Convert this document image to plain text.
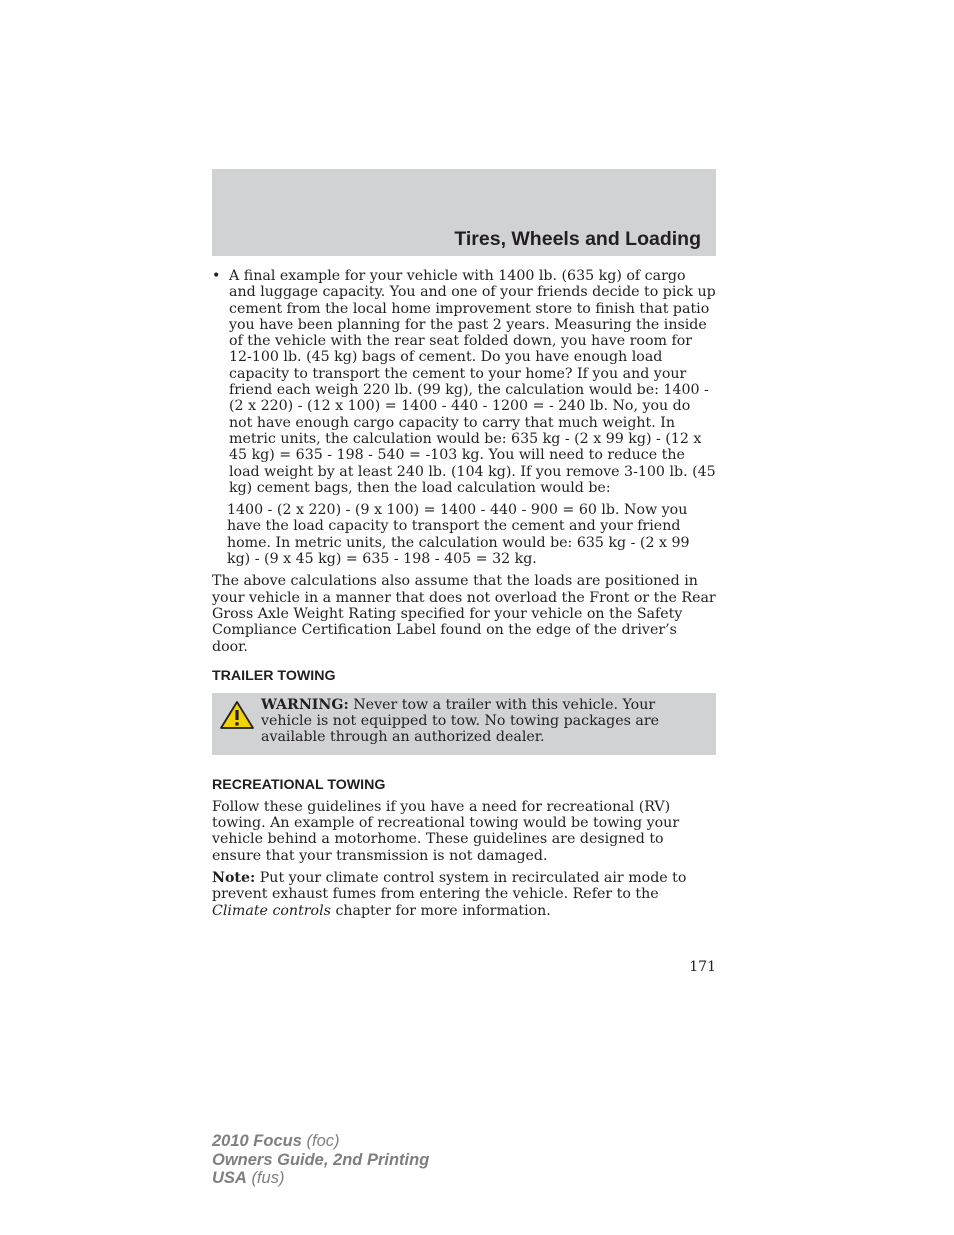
Tires, Wheels and Loading
• A final example for your vehicle with 1400 lb. (635 kg) of cargo and luggage capacity. You and one of your friends decide to pick up cement from the local home improvement store to finish that patio you have been planning for the past 2 years. Measuring the inside of the vehicle with the rear seat folded down, you have room for 12-100 lb. (45 kg) bags of cement. Do you have enough load capacity to transport the cement to your home? If you and your friend each weigh 220 lb. (99 kg), the calculation would be: 1400 - (2 x 220) - (12 x 100) = 1400 - 440 - 1200 = - 240 lb. No, you do not have enough cargo capacity to carry that much weight. In metric units, the calculation would be: 635 kg - (2 x 99 kg) - (12 x 45 kg) = 635 - 198 - 540 = -103 kg. You will need to reduce the load weight by at least 240 lb. (104 kg). If you remove 3-100 lb. (45 kg) cement bags, then the load calculation would be:

1400 - (2 x 220) - (9 x 100) = 1400 - 440 - 900 = 60 lb. Now you have the load capacity to transport the cement and your friend home. In metric units, the calculation would be: 635 kg - (2 x 99 kg) - (9 x 45 kg) = 635 - 198 - 405 = 32 kg.

The above calculations also assume that the loads are positioned in your vehicle in a manner that does not overload the Front or the Rear Gross Axle Weight Rating specified for your vehicle on the Safety Compliance Certification Label found on the edge of the driver’s door.

TRAILER TOWING
WARNING: Never tow a trailer with this vehicle. Your vehicle is not equipped to tow. No towing packages are available through an authorized dealer.
RECREATIONAL TOWING

Follow these guidelines if you have a need for recreational (RV) towing. An example of recreational towing would be towing your vehicle behind a motorhome. These guidelines are designed to ensure that your transmission is not damaged.

Note: Put your climate control system in recirculated air mode to prevent exhaust fumes from entering the vehicle. Refer to the Climate controls chapter for more information.

171
2010 Focus (foc)
Owners Guide, 2nd Printing
USA (fus)
